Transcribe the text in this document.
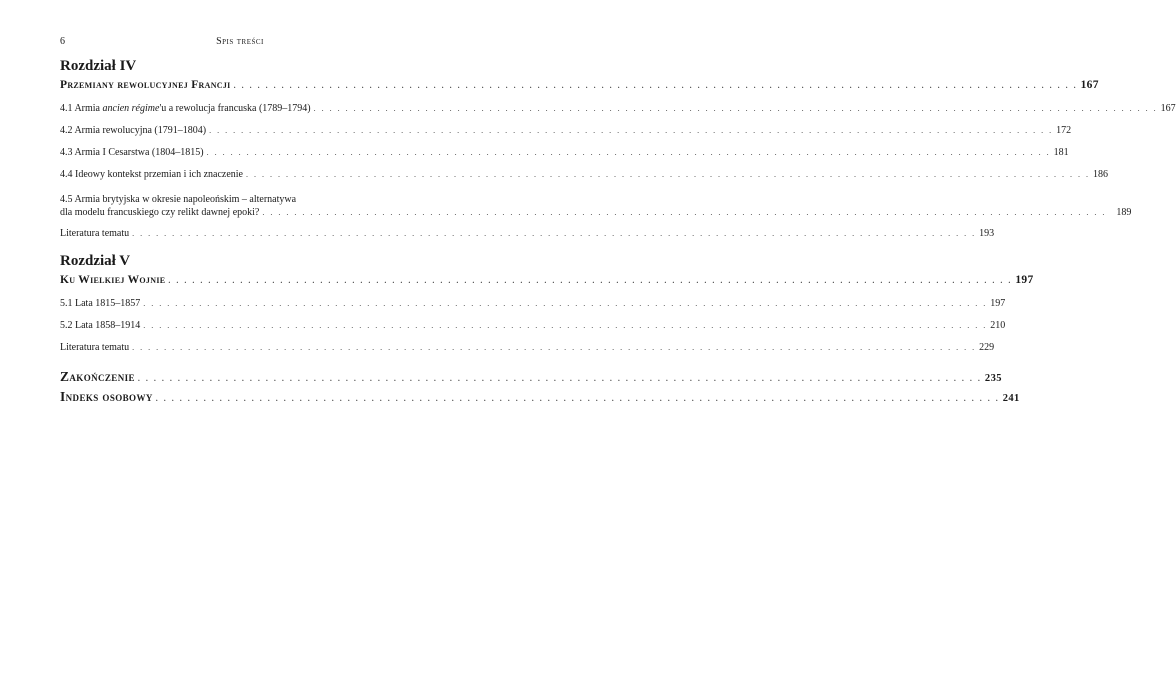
6	Spis treści
Rozdział IV
Przemiany rewolucyjnej Francji . . .	167
4.1 Armia ancien régime'u a rewolucja francuska (1789–1794) . . .	167
4.2 Armia rewolucyjna (1791–1804) . . .	172
4.3 Armia I Cesarstwa (1804–1815) . . .	181
4.4 Ideowy kontekst przemian i ich znaczenie . . .	186
4.5 Armia brytyjska w okresie napoleońskim – alternatywa
dla modelu francuskiego czy relikt dawnej epoki? . . .	189
Literatura tematu . . .	193
Rozdział V
Ku Wielkiej Wojnie . . .	197
5.1 Lata 1815–1857 . . .	197
5.2 Lata 1858–1914 . . .	210
Literatura tematu . . .	229
Zakończenie . . .	235
Indeks osobowy . . .	241
